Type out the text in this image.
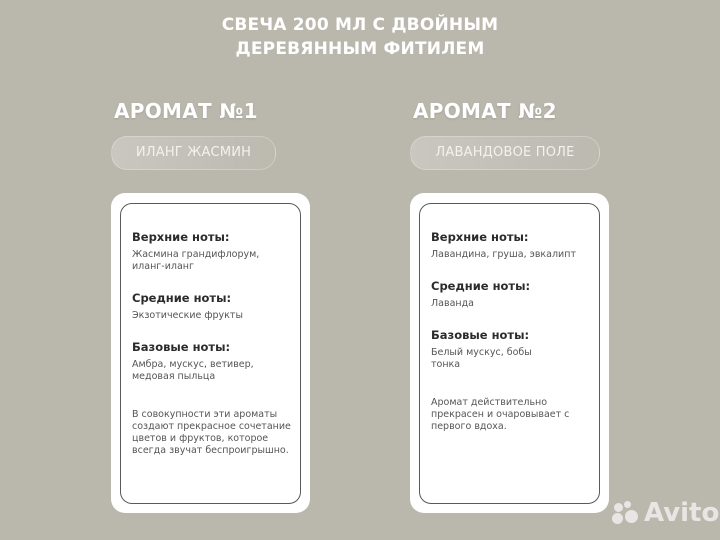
СВЕЧА 200 МЛ С ДВОЙНЫМ
ДЕРЕВЯННЫМ ФИТИЛЕМ
АРОМАТ №1
ИЛАНГ ЖАСМИН
Верхние ноты:
Жасмина грандифлорум, иланг-иланг
Средние ноты:
Экзотические фрукты
Базовые ноты:
Амбра, мускус, ветивер, медовая пыльца
В совокупности эти ароматы создают прекрасное сочетание цветов и фруктов, которое всегда звучат беспроигрышно.
АРОМАТ №2
ЛАВАНДОВОЕ ПОЛЕ
Верхние ноты:
Лавандина, груша, эвкалипт
Средние ноты:
Лаванда
Базовые ноты:
Белый мускус, бобы тонка
Аромат действительно прекрасен и очаровывает с первого вдоха.
Avito
